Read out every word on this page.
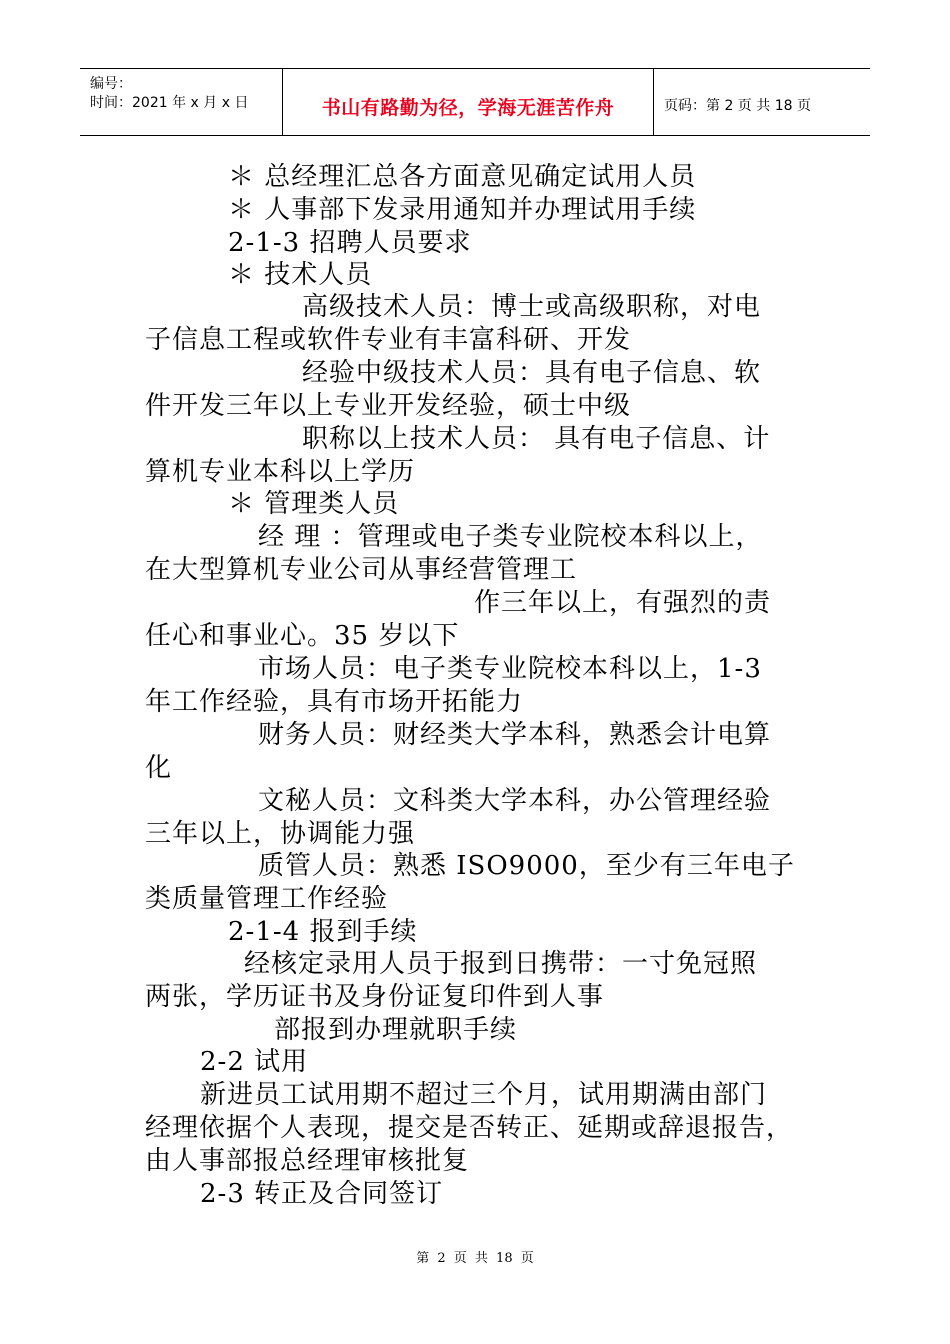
编号：
时间：2021 年 x 月 x 日	书山有路勤为径，学海无涯苦作舟	页码：第 2 页 共 18 页
＊ 总经理汇总各方面意见确定试用人员
＊ 人事部下发录用通知并办理试用手续
2-1-3 招聘人员要求
＊ 技术人员
高级技术人员：博士或高级职称，对电
子信息工程或软件专业有丰富科研、开发
经验中级技术人员：具有电子信息、软
件开发三年以上专业开发经验，硕士中级
职称以上技术人员： 具有电子信息、计
算机专业本科以上学历
＊ 管理类人员
经 理 ：管理或电子类专业院校本科以上，
在大型算机专业公司从事经营管理工
作三年以上，有强烈的责
任心和事业心。35 岁以下
市场人员：电子类专业院校本科以上，1-3
年工作经验，具有市场开拓能力
财务人员：财经类大学本科，熟悉会计电算
化
文秘人员：文科类大学本科，办公管理经验
三年以上，协调能力强
质管人员：熟悉 ISO9000，至少有三年电子
类质量管理工作经验
2-1-4 报到手续
经核定录用人员于报到日携带：一寸免冠照
两张，学历证书及身份证复印件到人事
部报到办理就职手续
2-2 试用
新进员工试用期不超过三个月，试用期满由部门
经理依据个人表现，提交是否转正、延期或辞退报告，
由人事部报总经理审核批复
2-3 转正及合同签订
第 2 页 共 18 页
